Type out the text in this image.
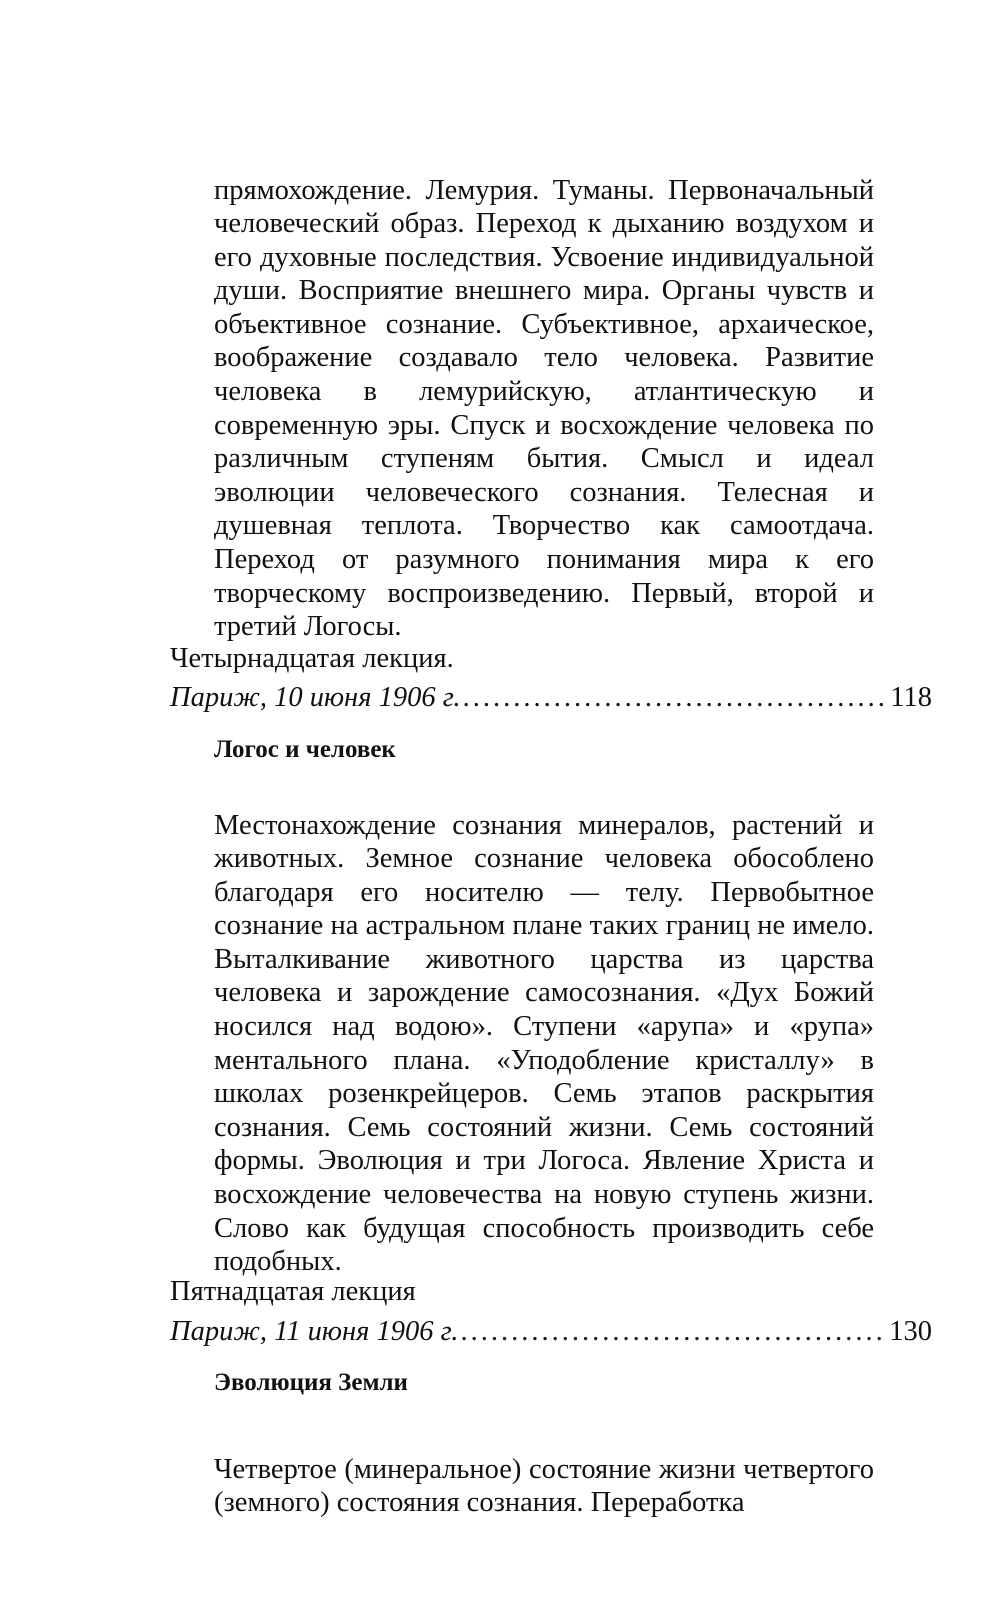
прямохождение. Лемурия. Туманы. Первоначальный человеческий образ. Переход к дыханию воздухом и его духовные последствия. Усвоение индивидуальной души. Восприятие внешнего мира. Органы чувств и объективное сознание. Субъективное, архаическое, воображение создавало тело человека. Развитие человека в лемурийскую, атлантическую и современную эры. Спуск и восхождение человека по различным ступеням бытия. Смысл и идеал эволюции человеческого сознания. Телесная и душевная теплота. Творчество как самоотдача. Переход от разумного понимания мира к его творческому воспроизведению. Первый, второй и третий Логосы.

Четырнадцатая лекция.
Париж, 10 июня 1906 г. .....	118
Логос и человек

Местонахождение сознания минералов, растений и животных. Земное сознание человека обособлено благодаря его носителю — телу. Первобытное сознание на астральном плане таких границ не имело. Выталкивание животного царства из царства человека и зарождение самосознания. «Дух Божий носился над водою». Ступени «арупа» и «рупа» ментального плана. «Уподобление кристаллу» в школах розенкрейцеров. Семь этапов раскрытия сознания. Семь состояний жизни. Семь состояний формы. Эволюция и три Логоса. Явление Христа и восхождение человечества на новую ступень жизни. Слово как будущая способность производить себе подобных.

Пятнадцатая лекция
Париж, 11 июня 1906 г. .....	130
Эволюция Земли

Четвертое (минеральное) состояние жизни четвертого (земного) состояния сознания. Переработка
